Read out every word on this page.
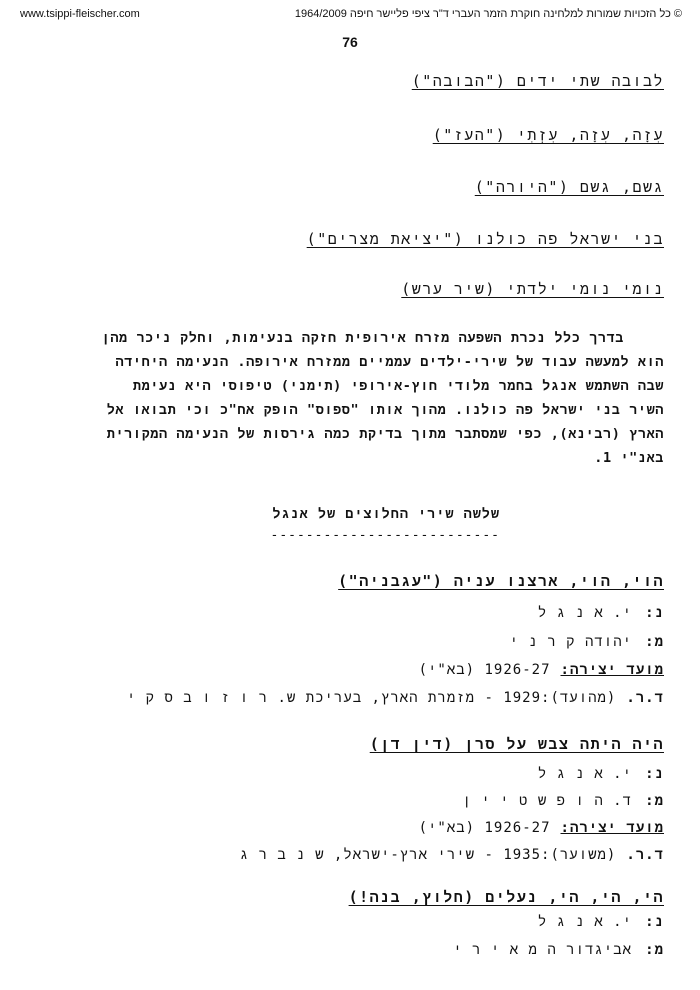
www.tsippi-fleischer.com	© כל הזכויות שמורות למלחינה חוקרת הזמר העברי ד"ר ציפי פליישר חיפה 1964/2009
76
לבובה שתי ידים ("הבובה")
עִזָה, עִזָה, עִזְתִי ("העז")
גשם, גשם ("היורה")
בני ישראל פה כולנו ("יציאת מצרים")
נומי נומי ילדתי (שיר ערש)

בדרך כלל נכרת השפעה מזרח אירופית חזקה בנעימות, וחלק ניכר מהן

הוא למעשה עבוד של שירי-ילדים עממיים ממזרח אירופה. הנעימה היחידה

שבה השתמש אנגל בחמר מלודי חוץ-אירופי (תימני) טיפוסי היא נעימת

השיר בני ישראל פה כולנו. מהוך אותו "ספוס" הופק אח"כ וכי תבואו אל

הארץ (רבינא), כפי שמסתבר מתוך בדיקת כמה גירסות של הנעימה המקורית

באנ"י 1.

שלשה שירי החלוצים של אנגל
--------------------------
הוי, הוי, ארצנו עניה ("עגבניה")
נ:י. א נ ג ל
מ:יהודה ק ר נ י
מועד יצירה:1926-27 (בא"י)
ד.ר.(מהועד):1929 - מזמרת הארץ, בעריכת ש. ר ו ז ו ב ס ק י
היה היתה צבש על סרן (דין דן)
נ:י. א נ ג ל
מ:ד. ה ו פ ש ט י י ן
מועד יצירה:1926-27 (בא"י)
ד.ר.(משוער):1935 - שירי ארץ-ישראל, ש נ ב ר ג
הי, הי, הי, נעלים (חלוץ, בנה!)
נ:י. א נ ג ל
מ:אביגדור ה מ א י ר י
